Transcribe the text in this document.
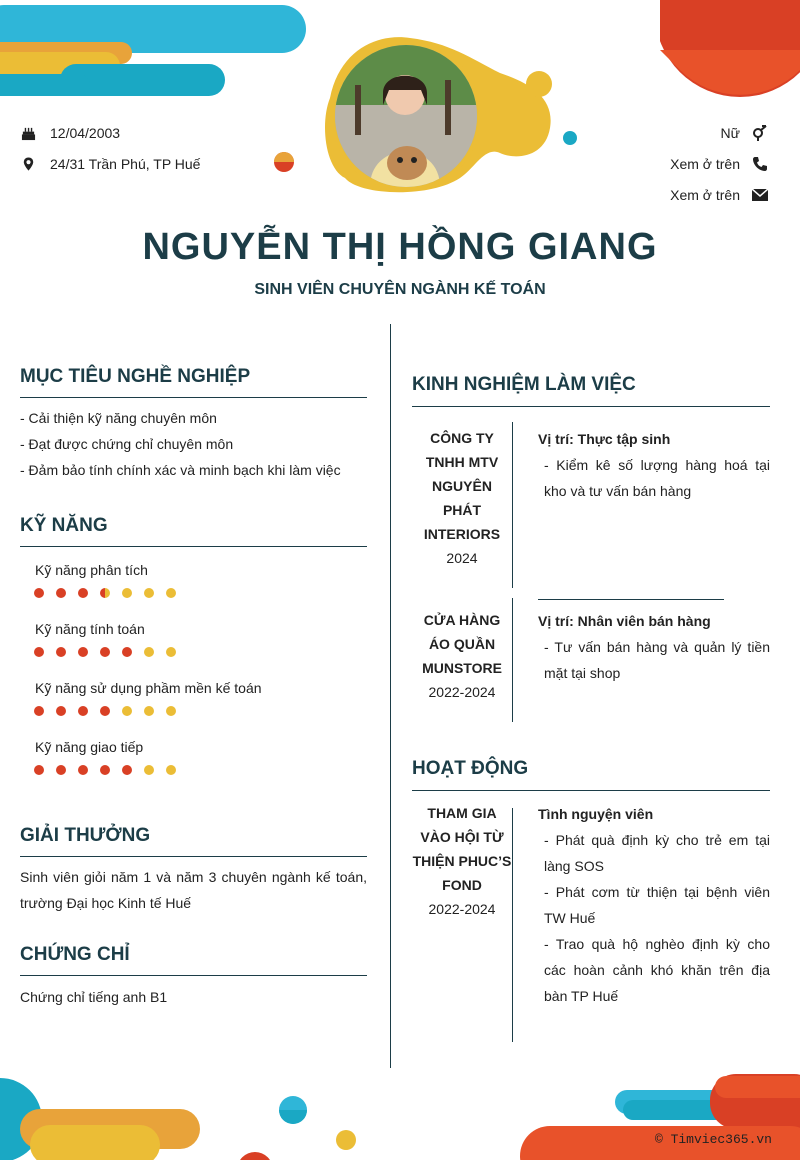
12/04/2003
24/31 Trần Phú, TP Huế
Nữ
Xem ở trên
Xem ở trên
NGUYỄN THỊ HỒNG GIANG
SINH VIÊN CHUYÊN NGÀNH KẾ TOÁN
MỤC TIÊU NGHỀ NGHIỆP
- Cải thiện kỹ năng chuyên môn
- Đạt được chứng chỉ chuyên môn
- Đảm bảo tính chính xác và minh bạch khi làm việc
KỸ NĂNG
Kỹ năng phân tích
Kỹ năng tính toán
Kỹ năng sử dụng phầm mền kế toán
Kỹ năng giao tiếp
GIẢI THƯỞNG
Sinh viên giỏi năm 1 và năm 3 chuyên ngành kế toán, trường Đại học Kinh tế Huế
CHỨNG CHỈ
Chứng chỉ tiếng anh B1
KINH NGHIỆM LÀM VIỆC
CÔNG TY TNHH MTV NGUYÊN PHÁT INTERIORS
2024
Vị trí: Thực tập sinh
- Kiểm kê số lượng hàng hoá tại kho và tư vấn bán hàng
CỬA HÀNG ÁO QUẦN MUNSTORE
2022-2024
Vị trí: Nhân viên bán hàng
- Tư vấn bán hàng và quản lý tiền mặt tại shop
HOẠT ĐỘNG
THAM GIA VÀO HỘI TỪ THIỆN PHUC’S FOND
2022-2024
Tình nguyện viên
- Phát quà định kỳ cho trẻ em tại làng SOS
- Phát cơm từ thiện tại bệnh viên TW Huế
- Trao quà hộ nghèo định kỳ cho các hoàn cảnh khó khăn trên địa bàn TP Huế
© Timviec365.vn
